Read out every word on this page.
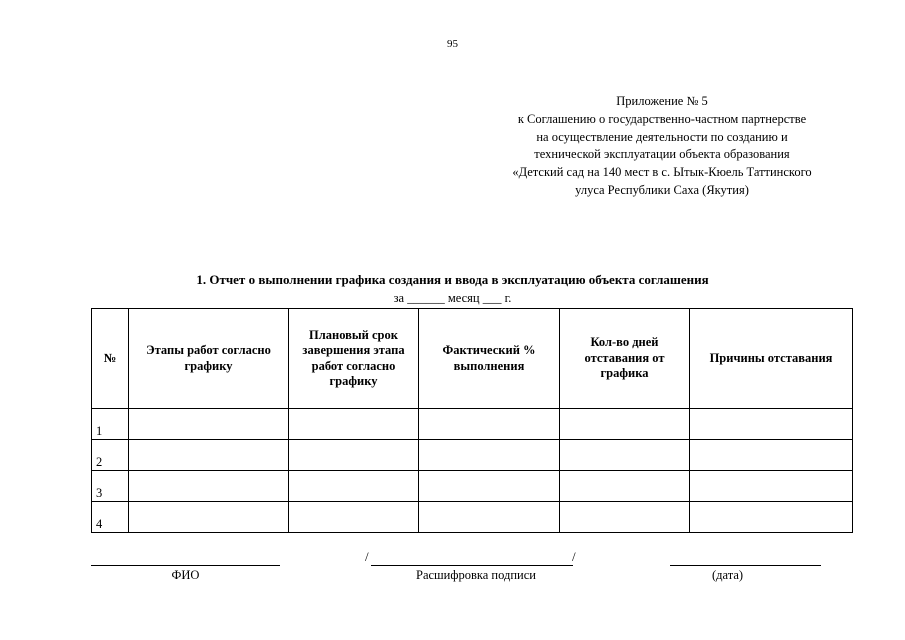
95
Приложение № 5
к Соглашению о государственно-частном партнерстве
на осуществление деятельности по созданию и
технической эксплуатации объекта образования
«Детский сад на 140 мест в с. Ытык-Кюель Таттинского
улуса Республики Саха (Якутия)
1. Отчет о выполнении графика создания и ввода в эксплуатацию объекта соглашения
за ______ месяц ___ г.
№	Этапы работ согласно графику	Плановый срок завершения этапа работ согласно графику	Фактический % выполнения	Кол-во дней отставания от графика	Причины отставания
1					
2					
3					
4					
ФИО
/	/
Расшифровка подписи	(дата)
